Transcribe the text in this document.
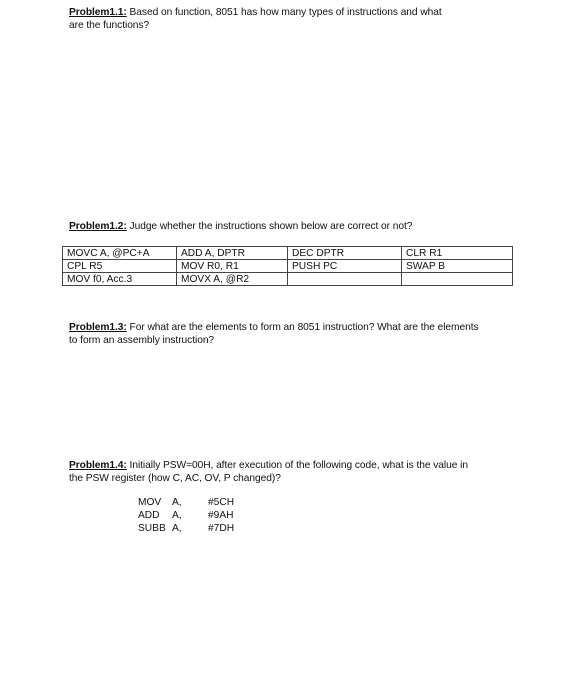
Problem1.1: Based on function, 8051 has how many types of instructions and what
are the functions?
Problem1.2: Judge whether the instructions shown below are correct or not?
MOVC A, @PC+A	ADD A, DPTR	DEC DPTR	CLR R1
CPL R5	MOV R0, R1	PUSH PC	SWAP B
MOV f0, Acc.3	MOVX A, @R2		
Problem1.3: For what are the elements to form an 8051 instruction? What are the elements
to form an assembly instruction?
Problem1.4: Initially PSW=00H, after execution of the following code, what is the value in
the PSW register (how C, AC, OV, P changed)?
MOV	A,	#5CH
ADD	A,	#9AH
SUBB A,	#7DH
